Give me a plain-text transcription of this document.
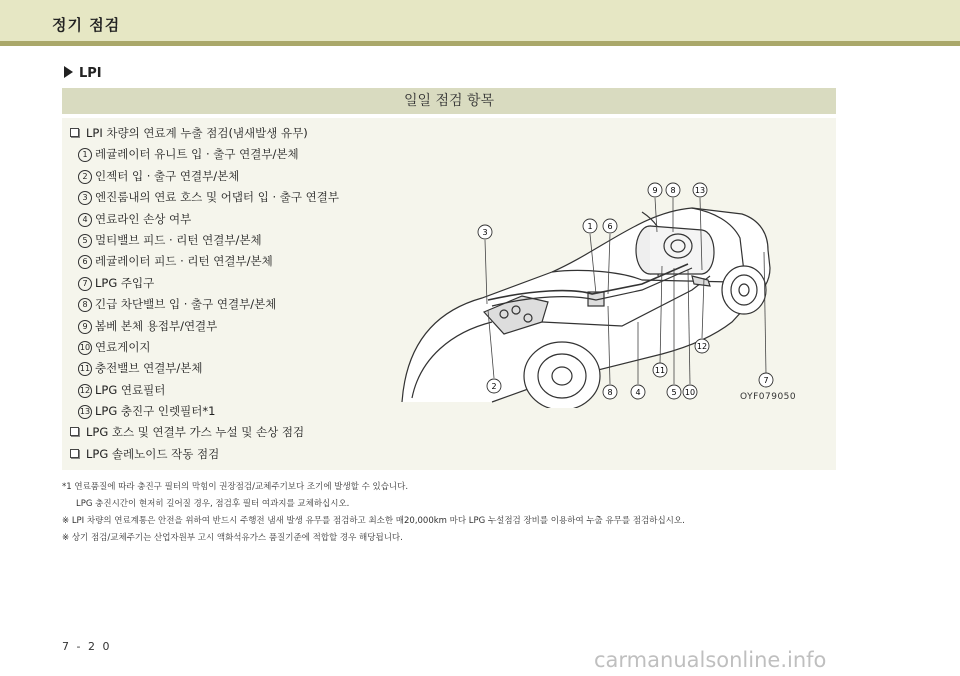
정기 점검
LPI
일일 점검 항목
LPI 차량의 연료계 누출 점검(냄새발생 유무)
1 레귤레이터 유니트 입 · 출구 연결부/본체
2 인젝터 입 · 출구 연결부/본체
3 엔진룸내의 연료 호스 및 어댑터 입 · 출구 연결부
4 연료라인 손상 여부
5 멀티밸브 피드 · 리턴 연결부/본체
6 레귤레이터 피드 · 리턴 연결부/본체
7 LPG 주입구
8 긴급 차단밸브 입 · 출구 연결부/본체
9 봄베 본체 용접부/연결부
10 연료게이지
11 충전밸브 연결부/본체
12 LPG 연료필터
13 LPG 충진구 인렛필터*1
LPG 호스 및 연결부 가스 누설 및 손상 점검
LPG 솔레노이드 작동 점검
9 8 13
3
1 6
12
11
7
2
8	4	5 10	OYF079050
*1 연료품질에 따라 충진구 필터의 막힘이 권장점검/교체주기보다 조기에 발생할 수 있습니다.
LPG 충진시간이 현저히 길어질 경우, 점검후 필터 여과지를 교체하십시오.
※ LPI 차량의 연료계통은 안전을 위하여 반드시 주행전 냄새 발생 유무를 점검하고 최소한 매20,000km 마다 LPG 누설점검 장비를 이용하여 누출 유무를 점검하십시오.
※ 상기 점검/교체주기는 산업자원부 고시 액화석유가스 품질기준에 적합할 경우 해당됩니다.
7 - 2 0
carmanualsonline.info
